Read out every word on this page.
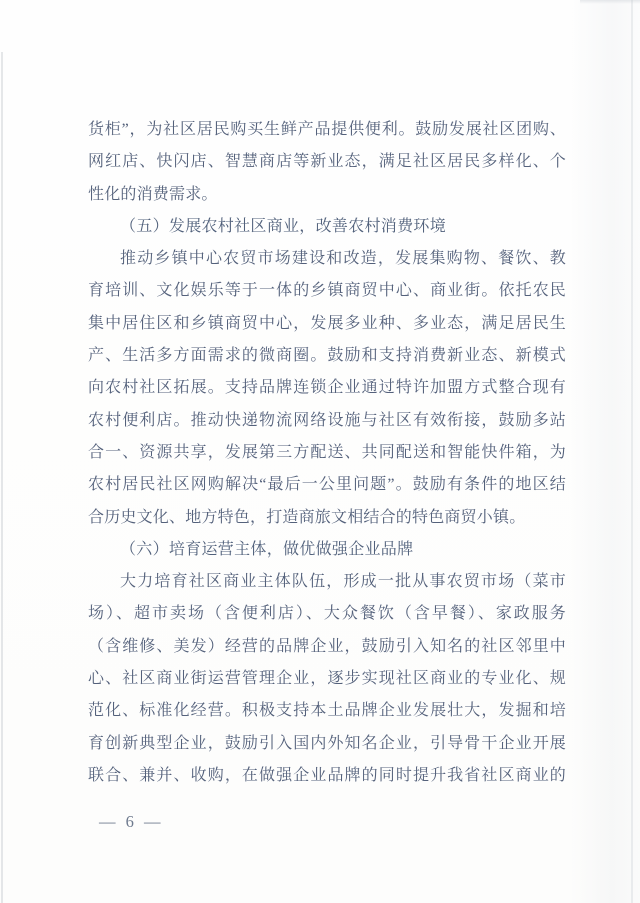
货柜”，为社区居民购买生鲜产品提供便利。鼓励发展社区团购、
网红店、快闪店、智慧商店等新业态，满足社区居民多样化、个
性化的消费需求。
（五）发展农村社区商业，改善农村消费环境
推动乡镇中心农贸市场建设和改造，发展集购物、餐饮、教
育培训、文化娱乐等于一体的乡镇商贸中心、商业街。依托农民
集中居住区和乡镇商贸中心，发展多业种、多业态，满足居民生
产、生活多方面需求的微商圈。鼓励和支持消费新业态、新模式
向农村社区拓展。支持品牌连锁企业通过特许加盟方式整合现有
农村便利店。推动快递物流网络设施与社区有效衔接，鼓励多站
合一、资源共享，发展第三方配送、共同配送和智能快件箱，为
农村居民社区网购解决“最后一公里问题”。鼓励有条件的地区结
合历史文化、地方特色，打造商旅文相结合的特色商贸小镇。
（六）培育运营主体，做优做强企业品牌
大力培育社区商业主体队伍，形成一批从事农贸市场（菜市
场）、超市卖场（含便利店）、大众餐饮（含早餐）、家政服务
（含维修、美发）经营的品牌企业，鼓励引入知名的社区邻里中
心、社区商业街运营管理企业，逐步实现社区商业的专业化、规
范化、标准化经营。积极支持本土品牌企业发展壮大，发掘和培
育创新典型企业，鼓励引入国内外知名企业，引导骨干企业开展
联合、兼并、收购，在做强企业品牌的同时提升我省社区商业的
— 6 —
